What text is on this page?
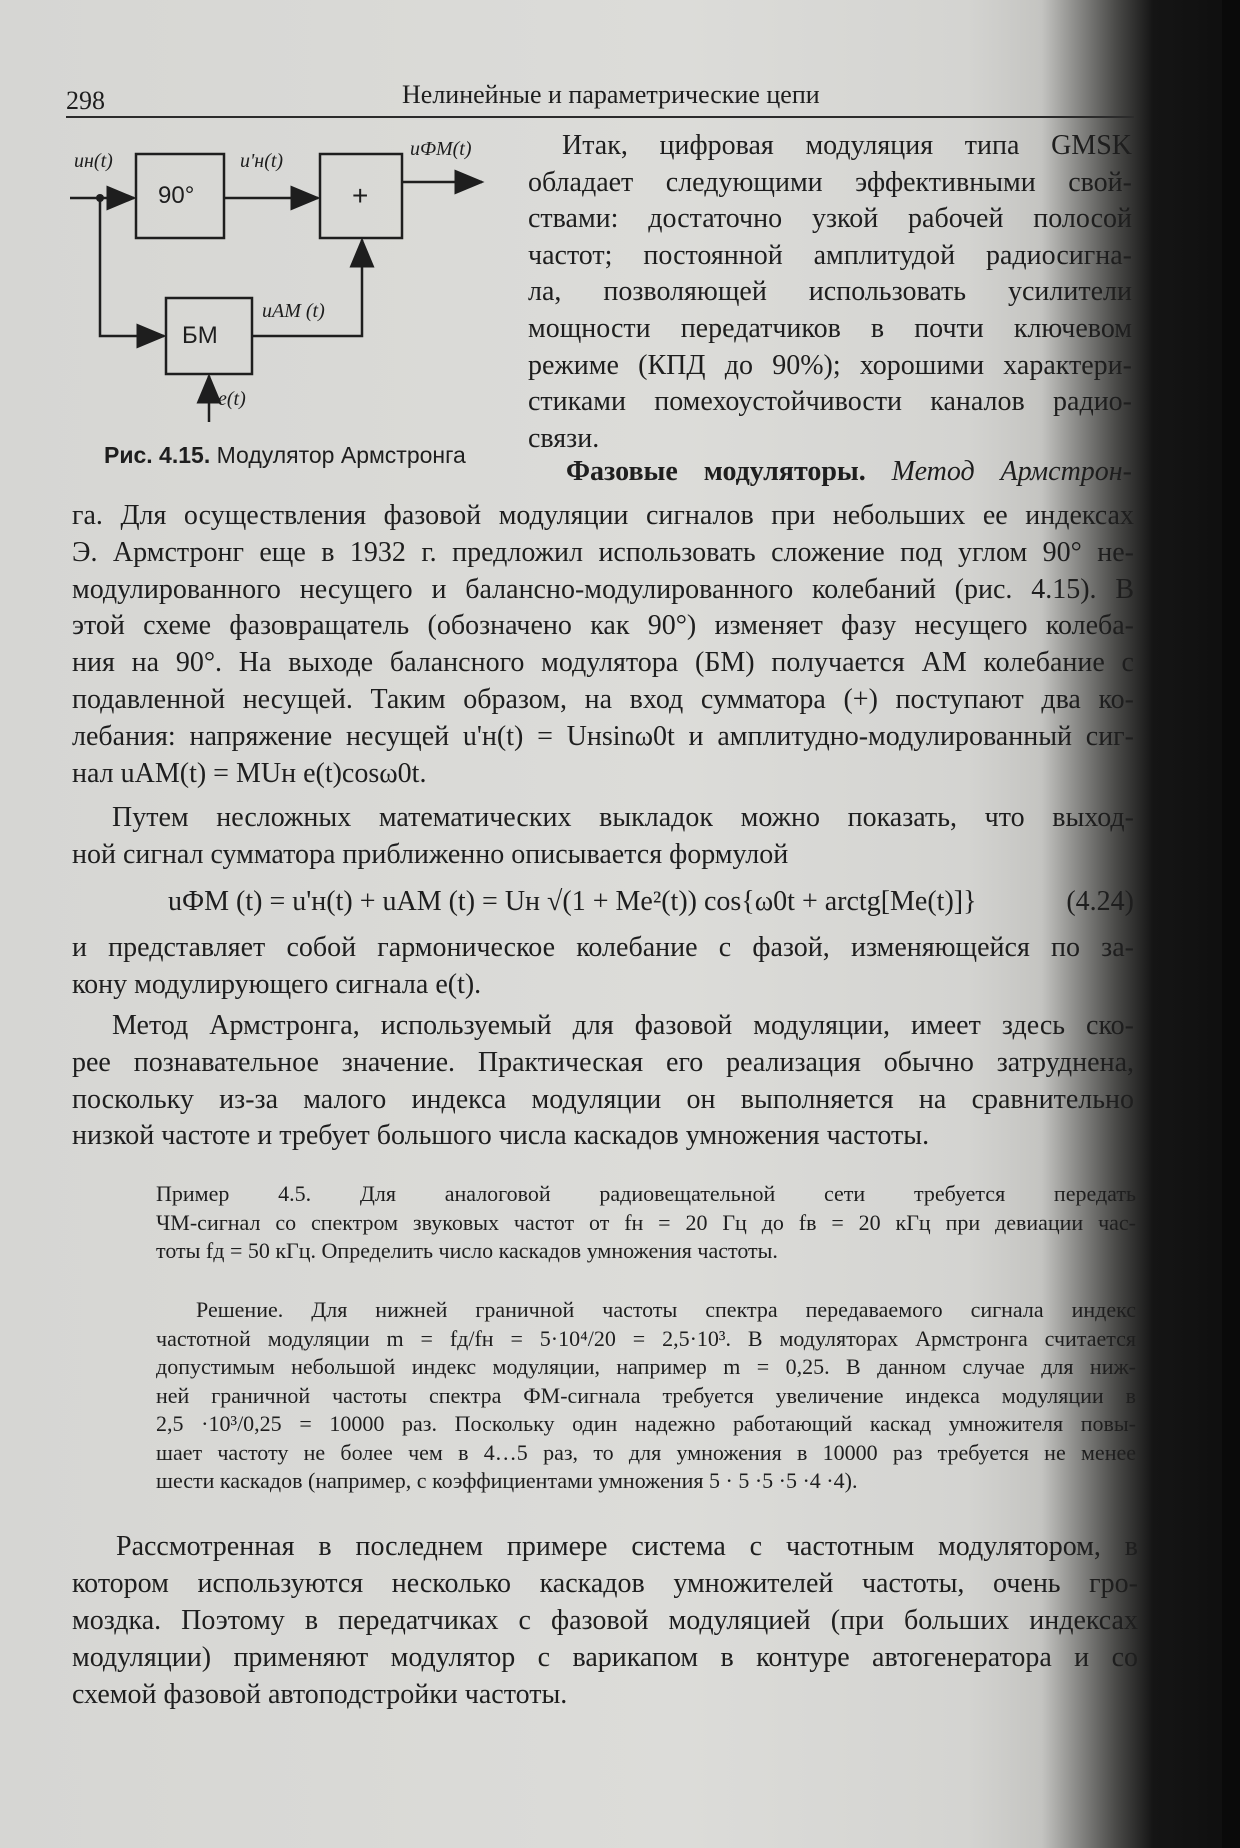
298	Нелинейные и параметрические цепи
uн(t)	u'н(t)
uФМ(t)
uАМ (t)
e(t)
90°	+
БМ
Рис. 4.15. Модулятор Армстронга
Итак, цифровая модуляция типа GMSK
обладает следующими эффективными свой-
ствами: достаточно узкой рабочей полосой
частот; постоянной амплитудой радиосигна-
ла, позволяющей использовать усилители
мощности передатчиков в почти ключевом
режиме (КПД до 90%); хорошими характери-
стиками помехоустойчивости каналов радио-
связи.
Фазовые модуляторы. Метод Армстрон-
га. Для осуществления фазовой модуляции сигналов при небольших ее индексах
Э. Армстронг еще в 1932 г. предложил использовать сложение под углом 90° не-
модулированного несущего и балансно-модулированного колебаний (рис. 4.15). В
этой схеме фазовращатель (обозначено как 90°) изменяет фазу несущего колеба-
ния на 90°. На выходе балансного модулятора (БМ) получается АМ колебание с
подавленной несущей. Таким образом, на вход сумматора (+) поступают два ко-
лебания: напряжение несущей u'н(t) = Uнsinω0t и амплитудно-модулированный сиг-
нал uАМ(t) = MUн e(t)cosω0t.
Путем несложных математических выкладок можно показать, что выход-
ной сигнал сумматора приближенно описывается формулой
uФМ (t) = u'н(t) + uАМ (t) = Uн √(1 + Me²(t)) cos{ω0t + arctg[Me(t)]}	(4.24)
и представляет собой гармоническое колебание с фазой, изменяющейся по за-
кону модулирующего сигнала e(t).
Метод Армстронга, используемый для фазовой модуляции, имеет здесь ско-
рее познавательное значение. Практическая его реализация обычно затруднена,
поскольку из-за малого индекса модуляции он выполняется на сравнительно
низкой частоте и требует большого числа каскадов умножения частоты.
Пример 4.5. Для аналоговой радиовещательной сети требуется передать
ЧМ-сигнал со спектром звуковых частот от fн = 20 Гц до fв = 20 кГц при девиации час-
тоты fд = 50 кГц. Определить число каскадов умножения частоты.
Решение. Для нижней граничной частоты спектра передаваемого сигнала индекс
частотной модуляции m = fд/fн = 5·10⁴/20 = 2,5·10³. В модуляторах Армстронга считается
допустимым небольшой индекс модуляции, например m = 0,25. В данном случае для ниж-
ней граничной частоты спектра ФМ-сигнала требуется увеличение индекса модуляции в
2,5 ·10³/0,25 = 10000 раз. Поскольку один надежно работающий каскад умножителя повы-
шает частоту не более чем в 4…5 раз, то для умножения в 10000 раз требуется не менее
шести каскадов (например, с коэффициентами умножения 5 · 5 ·5 ·5 ·4 ·4).
Рассмотренная в последнем примере система с частотным модулятором, в
котором используются несколько каскадов умножителей частоты, очень гро-
моздка. Поэтому в передатчиках с фазовой модуляцией (при больших индексах
модуляции) применяют модулятор с варикапом в контуре автогенератора и со
схемой фазовой автоподстройки частоты.
